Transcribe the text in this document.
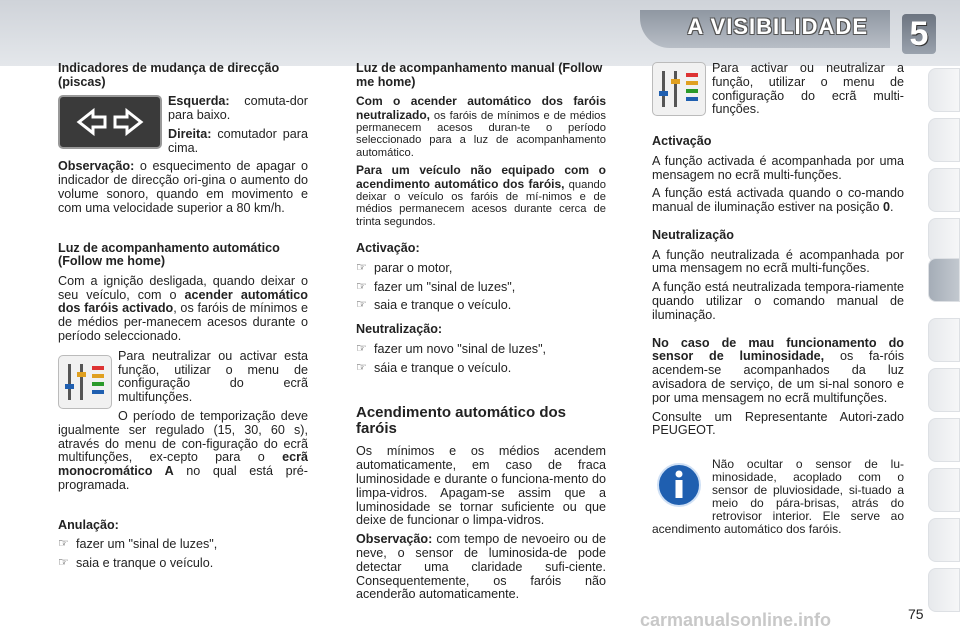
A VISIBILIDADE 5
Indicadores de mudança de direcção (piscas)

Esquerda: comuta-dor para baixo.

Direita: comutador para cima.

Observação: o esquecimento de apagar o indicador de direcção ori-gina o aumento do volume sonoro, quando em movimento e com uma velocidade superior a 80 km/h.

Luz de acompanhamento automático (Follow me home)

Com a ignição desligada, quando deixar o seu veículo, com o acender automático dos faróis activado, os faróis de mínimos e de médios per-manecem acesos durante o período seleccionado.

Para neutralizar ou activar esta função, utilizar o menu de configuração do ecrã multifunções.

O período de temporização deve igualmente ser regulado (15, 30, 60 s), através do menu de con-figuração do ecrã multifunções, ex-cepto para o ecrã monocromático A no qual está pré-programada.

Anulação:
☞ fazer um "sinal de luzes",
☞ saia e tranque o veículo.
Luz de acompanhamento manual (Follow me home)

Com o acender automático dos faróis neutralizado, os faróis de mínimos e de médios permanecem acesos duran-te o período seleccionado para a luz de acompanhamento automático.

Para um veículo não equipado com o acendimento automático dos faróis, quando deixar o veículo os faróis de mí-nimos e de médios permanecem acesos durante cerca de trinta segundos.

Activação:
☞ parar o motor,
☞ fazer um "sinal de luzes",
☞ saia e tranque o veículo.
Neutralização:
☞ fazer um novo "sinal de luzes",
☞ sáia e tranque o veículo.
Acendimento automático dos faróis

Os mínimos e os médios acendem automaticamente, em caso de fraca luminosidade e durante o funciona-mento do limpa-vidros. Apagam-se assim que a luminosidade se tornar suficiente ou que deixe de funcionar o limpa-vidros.

Observação: com tempo de nevoeiro ou de neve, o sensor de luminosida-de pode detectar uma claridade sufi-ciente. Consequentemente, os faróis não acenderão automaticamente.

Para activar ou neutralizar a função, utilizar o menu de configuração do ecrã multi-funções.

Activação

A função activada é acompanhada por uma mensagem no ecrã multi-funções.

A função está activada quando o co-mando manual de iluminação estiver na posição 0.

Neutralização

A função neutralizada é acompanhada por uma mensagem no ecrã multi-funções.

A função está neutralizada tempora-riamente quando utilizar o comando manual de iluminação.

No caso de mau funcionamento do sensor de luminosidade, os fa-róis acendem-se acompanhados da luz avisadora de serviço, de um si-nal sonoro e por uma mensagem no ecrã multifunções.

Consulte um Representante Autori-zado PEUGEOT.

Não ocultar o sensor de lu-minosidade, acoplado com o sensor de pluviosidade, si-tuado a meio do pára-brisas, atrás do retrovisor interior. Ele serve ao acendimento automático dos faróis.

carmanualsonline.info	75
